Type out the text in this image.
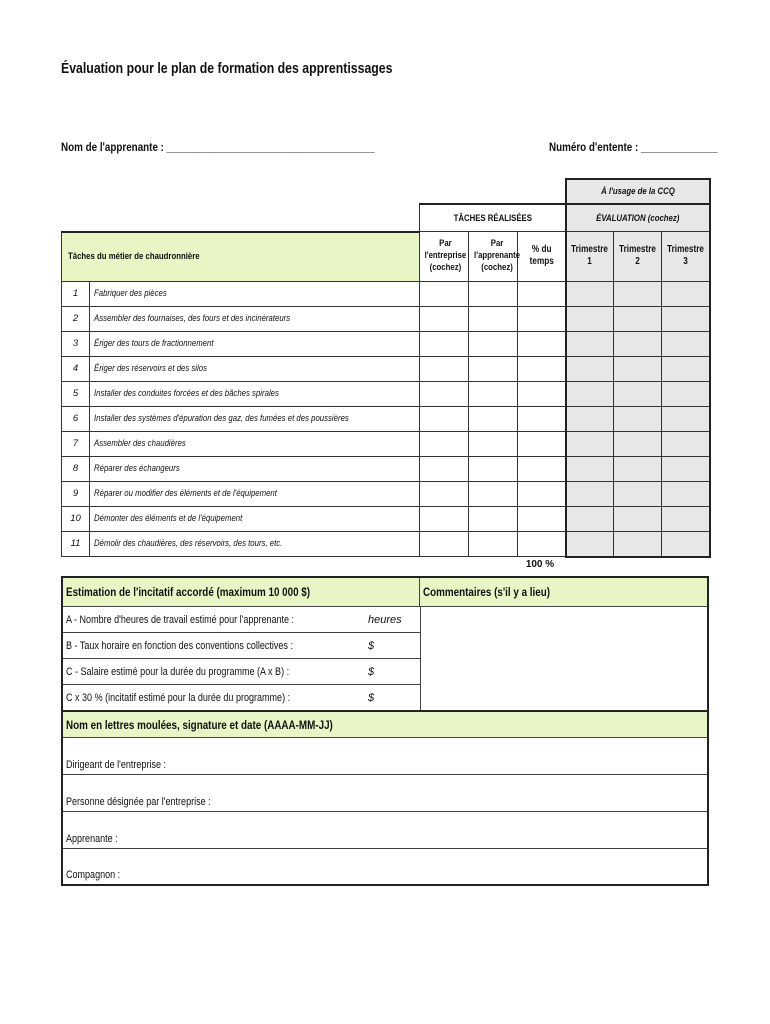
Évaluation pour le plan de formation des apprentissages
Nom de l'apprenante : ______________________________________	Numéro d'entente : ______________
					À l'usage de la CCQ		
		TÂCHES RÉALISÉES			ÉVALUATION (cochez)		
Tâches du métier de chaudronnière		Par
l'entreprise
(cochez)	Par
l'apprenante
(cochez)	% du
temps	Trimestre
1	Trimestre
2	Trimestre
3
1	Fabriquer des pièces						
2	Assembler des fournaises, des fours et des incinérateurs						
3	Ériger des tours de fractionnement						
4	Ériger des réservoirs et des silos						
5	Installer des conduites forcées et des bâches spirales						
6	Installer des systèmes d'épuration des gaz, des fumées et des poussières						
7	Assembler des chaudières						
8	Réparer des échangeurs						
9	Réparer ou modifier des éléments et de l'équipement						
10	Démonter des éléments et de l'équipement						
11	Démolir des chaudières, des réservoirs, des tours, etc.						
100 %
Estimation de l'incitatif accordé (maximum 10 000 $)	Commentaires (s'il y a lieu)
A - Nombre d'heures de travail estimé pour l'apprenante :	heures
B - Taux horaire en fonction des conventions collectives :	$
C - Salaire estimé pour la durée du programme (A x B) :	$
C x 30 % (incitatif estimé pour la durée du programme) :	$
Nom en lettres moulées, signature et date (AAAA-MM-JJ)
Dirigeant de l'entreprise :
Personne désignée par l'entreprise :
Apprenante :
Compagnon :
